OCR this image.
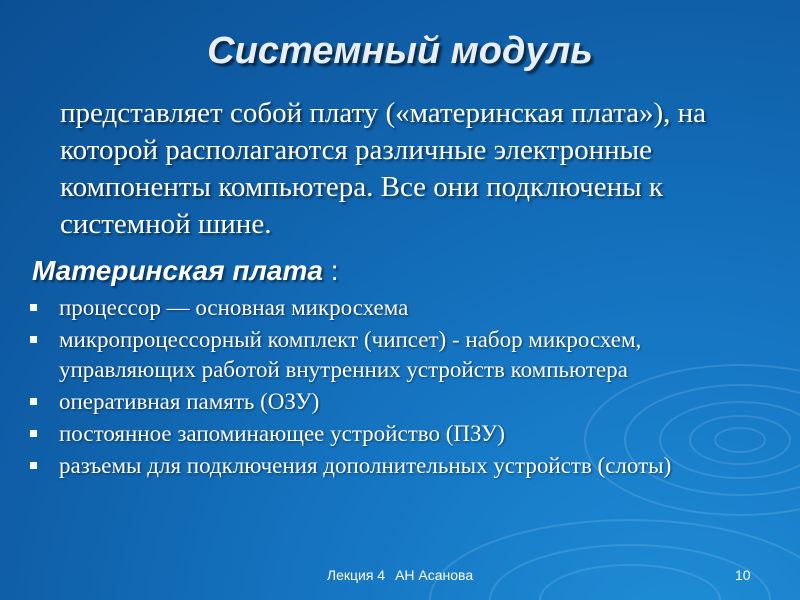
Системный модуль

представляет собой плату («материнская плата»), на которой располагаются различные электронные компоненты компьютера. Все они подключены к системной шине.

Материнская плата :

процессор — основная микросхема
микропроцессорный комплект (чипсет) - набор микросхем, управляющих работой внутренних устройств компьютера
оперативная память (ОЗУ)
постоянное запоминающее устройство (ПЗУ)
разъемы для подключения дополнительных устройств (слоты)
Лекция 4 АН Асанова	10
